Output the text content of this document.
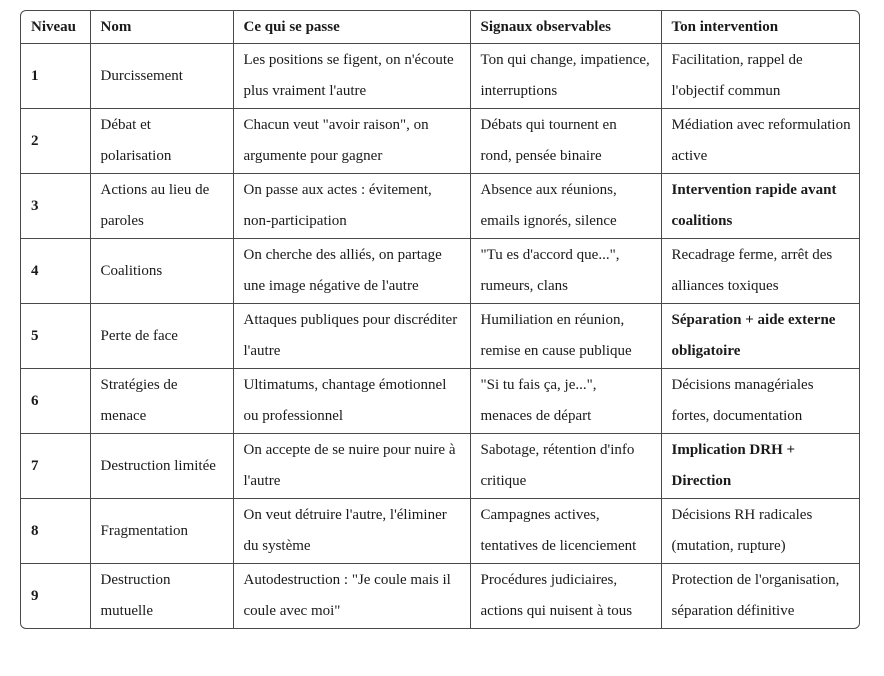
Niveau	Nom	Ce qui se passe	Signaux observables	Ton intervention
1	Durcissement	Les positions se figent, on n'écoute plus vraiment l'autre	Ton qui change, impatience, interruptions	Facilitation, rappel de l'objectif commun
2	Débat et polarisation	Chacun veut "avoir raison", on argumente pour gagner	Débats qui tournent en rond, pensée binaire	Médiation avec reformulation active
3	Actions au lieu de paroles	On passe aux actes : évitement, non-participation	Absence aux réunions, emails ignorés, silence	Intervention rapide avant coalitions
4	Coalitions	On cherche des alliés, on partage une image négative de l'autre	"Tu es d'accord que...", rumeurs, clans	Recadrage ferme, arrêt des alliances toxiques
5	Perte de face	Attaques publiques pour discréditer l'autre	Humiliation en réunion, remise en cause publique	Séparation + aide externe obligatoire
6	Stratégies de menace	Ultimatums, chantage émotionnel ou professionnel	"Si tu fais ça, je...", menaces de départ	Décisions managériales fortes, documentation
7	Destruction limitée	On accepte de se nuire pour nuire à l'autre	Sabotage, rétention d'info critique	Implication DRH + Direction
8	Fragmentation	On veut détruire l'autre, l'éliminer du système	Campagnes actives, tentatives de licenciement	Décisions RH radicales (mutation, rupture)
9	Destruction mutuelle	Autodestruction : "Je coule mais il coule avec moi"	Procédures judiciaires, actions qui nuisent à tous	Protection de l'organisation, séparation définitive
